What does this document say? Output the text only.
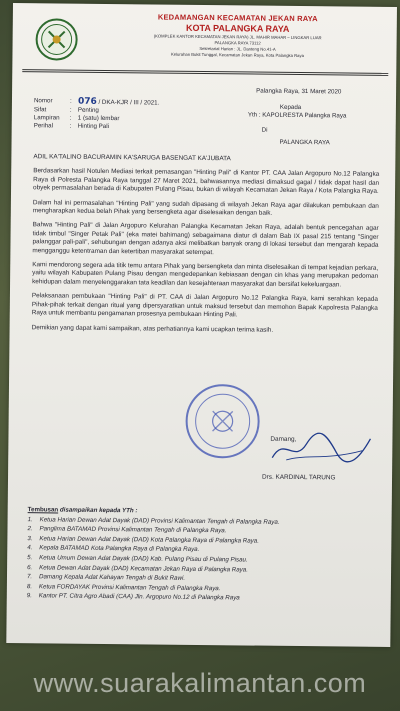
KEDAMANGAN KECAMATAN JEKAN RAYA
KOTA PALANGKA RAYA
(KOMPLEK KANTOR KECAMATAN JEKAN RAYA) JL. MAHIR MAHAR – LINGKAR LUAR
PALANGKA RAYA 73112
Sekretariat Harian : JL. Danteng No.41-A
Kelurahan Bukit Tunggal, Kecamatan Jekan Raya, Kota Palangka Raya
Palangka Raya, 31 Maret 2020
Nomor	: 076 / DKA-KJR / III / 2021.
Sifat	: Penting
Lampiran	: 1 (satu) lembar
Perihal	: Hinting Pali
Kepada
Yth : KAPOLRESTA Palangka Raya
Di
PALANGKA RAYA

ADIL KA'TALINO BACURAMIN KA'SARUGA BASENGAT KA'JUBATA

Berdasarkan hasil Notulen Mediasi terkait pemasangan "Hinting Pali" di Kantor PT. CAA Jalan Argopuro No.12 Palangka Raya di Polresta Palangka Raya tanggal 27 Maret 2021, bahwasannya mediasi dimaksud gagal / tidak dapat hasil dan obyek permasalahan berada di Kabupaten Pulang Pisau, bukan di wilayah Kecamatan Jekan Raya / Kota Palangka Raya.

Dalam hal ini permasalahan "Hinting Pali" yang sudah dipasang di wilayah Jekan Raya agar dilakukan pembukaan dan mengharapkan kedua belah Pihak yang bersengketa agar diselesaikan dengan baik.

Bahwa "Hinting Pali" di Jalan Argopuro Kelurahan Palangka Kecamatan Jekan Raya, adalah bentuk pencegahan agar tidak timbul "Singer Petak Pali" (eka matei bahimang) sebagaimana diatur di dalam Bab IX pasal 215 tentang "Singer palanggar pali-pali", sehubungan dengan adanya aksi melibatkan banyak orang di lokasi tersebut dan mengarah kepada mengganggu ketentraman dan ketertiban masyarakat setempat.

Kami mendorong segera ada titik temu antara Pihak yang bersengketa dan minta diselesaikan di tempat kejadian perkara, yaitu wilayah Kabupaten Pulang Pisau dengan mengedepankan kebiasaan dengan cin khas yang merupakan pedoman kehidupan dalam menyelenggarakan tata keadilan dan kesejahteraan masyarakat dan bersifat kekeluargaan.

Pelaksanaan pembukaan "Hinting Pali" di PT. CAA di Jalan Argopuro No.12 Palangka Raya, kami serahkan kepada Pihak-pihak terkait dengan ritual yang dipersyaratkan untuk maksud tersebut dan memohon Bapak Kapolresta Palangka Raya untuk membantu pengamanan prosesnya pembukaan Hinting Pali.

Demikian yang dapat kami sampaikan, atas perhatiannya kami ucapkan terima kasih.

Damang,
Drs. KARDINAL TARUNG
Tembusan disampaikan kepada YTh :
1.	Ketua Harian Dewan Adat Dayak (DAD) Provinsi Kalimantan Tengah di Palangka Raya.
2.	Panglima BATAMAD Provinsi Kalimantan Tengah di Palangka Raya.
3.	Ketua Harian Dewan Adat Dayak (DAD) Kota Palangka Raya di Palangka Raya.
4.	Kepala BATAMAD Kota Palangka Raya di Palangka Raya.
5.	Ketua Umum Dewan Adat Dayak (DAD) Kab. Pulang Pisau di Pulang Pisau.
6.	Ketua Dewan Adat Dayak (DAD) Kecamatan Jekan Raya di Palangka Raya.
7.	Damang Kepala Adat Kahayan Tengah di Bukit Rawi.
8.	Ketua FORDAYAK Provinsi Kalimantan Tengah di Palangka Raya.
9.	Kantor PT. Citra Agro Abadi (CAA) Jln. Argopuro No.12 di Palangka Raya
www.suarakalimantan.com
